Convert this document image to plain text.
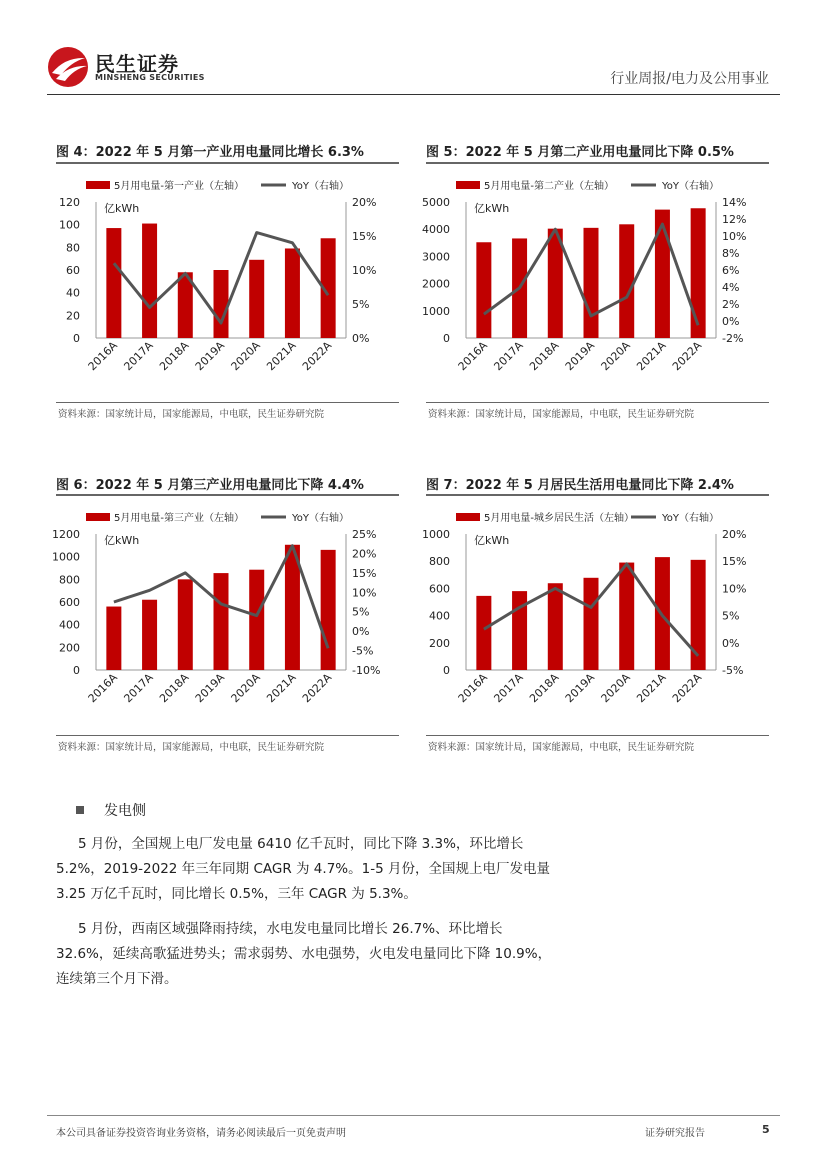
民生证券
MINSHENG SECURITIES	行业周报/电力及公用事业
图 4：2022 年 5 月第一产业用电量同比增长 6.3%
5月用电量-第一产业（左轴）	YoY（右轴）
0
20
40
60
80
100
120
0%
5%
10%
15%
20%
亿kWh
2016A 2017A 2018A 2019A 2020A 2021A 2022A
资料来源：国家统计局，国家能源局，中电联，民生证券研究院
图 5：2022 年 5 月第二产业用电量同比下降 0.5%
5月用电量-第二产业（左轴）	YoY（右轴）
0
1000
2000
3000
4000
5000
-2%
0%
2%
4%
6%
8%
10%
12%
14%
亿kWh
2016A 2017A 2018A 2019A 2020A 2021A 2022A
资料来源：国家统计局，国家能源局，中电联，民生证券研究院
图 6：2022 年 5 月第三产业用电量同比下降 4.4%
5月用电量-第三产业（左轴）	YoY（右轴）
0
200
400
600
800
1000
1200
-10%
-5%
0%
5%
10%
15%
20%
25%
亿kWh
2016A 2017A 2018A 2019A 2020A 2021A 2022A
资料来源：国家统计局，国家能源局，中电联，民生证券研究院
图 7：2022 年 5 月居民生活用电量同比下降 2.4%
5月用电量-城乡居民生活（左轴）	YoY（右轴）
0
200
400
600
800
1000
-5%
0%
5%
10%
15%
20%
亿kWh
2016A 2017A 2018A 2019A 2020A 2021A 2022A
资料来源：国家统计局，国家能源局，中电联，民生证券研究院
发电侧

5 月份，全国规上电厂发电量 6410 亿千瓦时，同比下降 3.3%，环比增长 5.2%，2019-2022 年三年同期 CAGR 为 4.7%。1-5 月份，全国规上电厂发电量 3.25 万亿千瓦时，同比增长 0.5%，三年 CAGR 为 5.3%。

5 月份，西南区域强降雨持续，水电发电量同比增长 26.7%、环比增长 32.6%，延续高歌猛进势头；需求弱势、水电强势，火电发电量同比下降 10.9%，连续第三个月下滑。

本公司具备证券投资咨询业务资格，请务必阅读最后一页免责声明	证券研究报告	5
